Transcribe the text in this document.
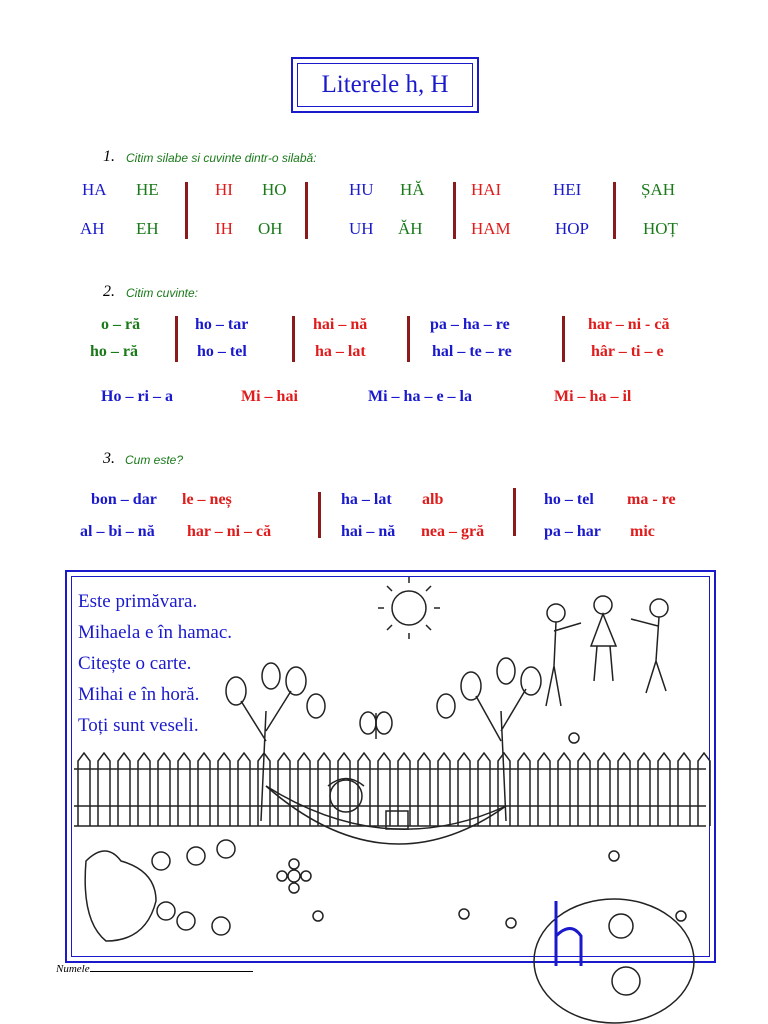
Literele h, H
1. Citim silabe si cuvinte dintr-o silabă:
HA HE	HI HO	HU HĂ	HAI	HEI	ȘAH
AH EH	IH OH	UH ĂH	HAM	HOP	HOȚ
2. Citim cuvinte:
o – ră	ho – tar	hai – nă	pa – ha – re	har – ni - că
ho – ră	ho – tel	ha – lat	hal – te – re	hâr – ti – e
Ho – ri – a	Mi – hai	Mi – ha – e – la	Mi – ha – il
3. Cum este?
bon – dar le – neș	ha – lat alb	ho – tel ma - re
al – bi – nă har – ni – că	hai – nă nea – gră	pa – har mic
Este primăvara.
Mihaela e în hamac.
Citește o carte.
Mihai e în horă.
Toți sunt veseli.
Numele
